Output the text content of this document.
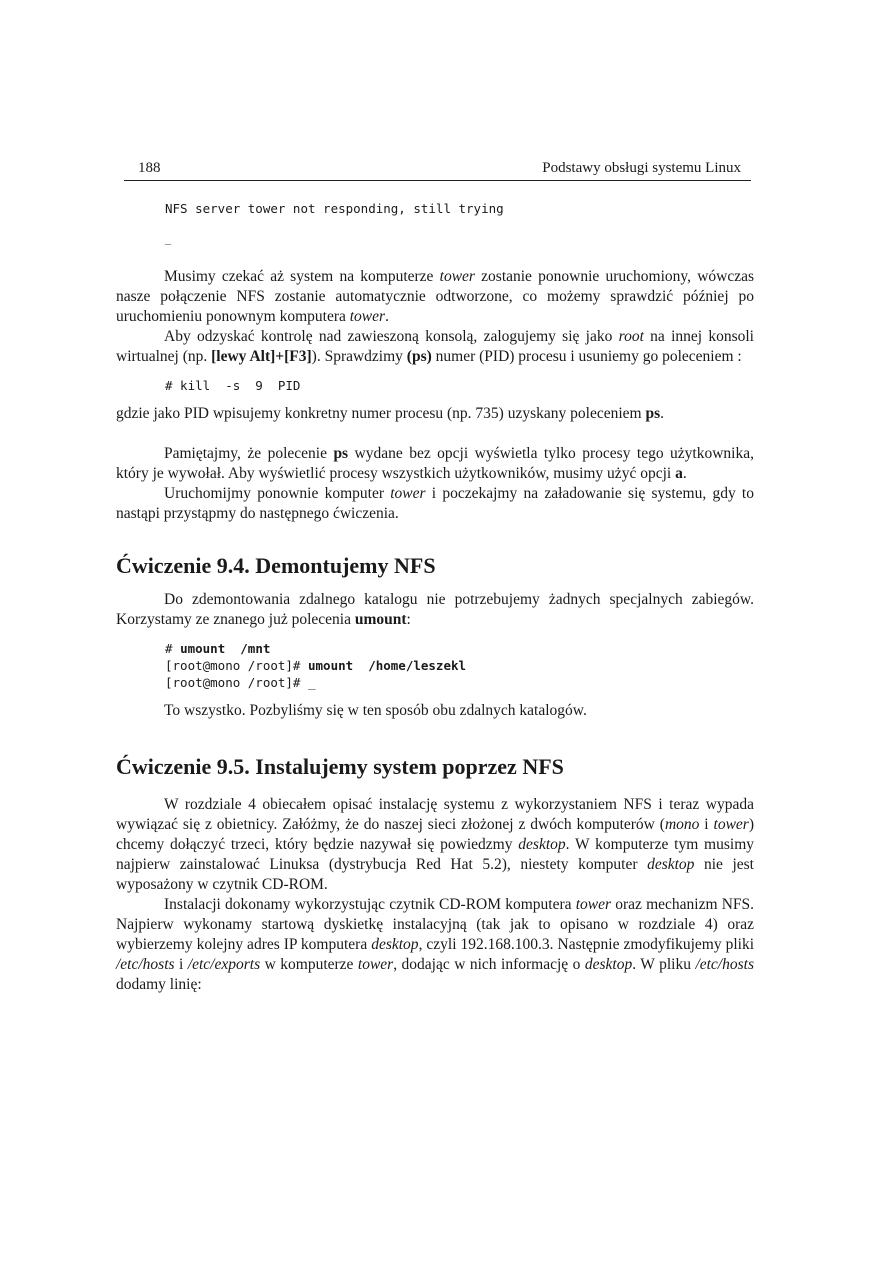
188	Podstawy obsługi systemu Linux
NFS server tower not responding, still trying
_

Musimy czekać aż system na komputerze tower zostanie ponownie uruchomiony, wówczas nasze połączenie NFS zostanie automatycznie odtworzone, co możemy sprawdzić później po uruchomieniu ponownym komputera tower.

Aby odzyskać kontrolę nad zawieszoną konsolą, zalogujemy się jako root na innej konsoli wirtualnej (np. [lewy Alt]+[F3]). Sprawdzimy (ps) numer (PID) procesu i usuniemy go poleceniem :

# kill  -s  9  PID

gdzie jako PID wpisujemy konkretny numer procesu (np. 735) uzyskany poleceniem ps.

Pamiętajmy, że polecenie ps wydane bez opcji wyświetla tylko procesy tego użytkownika, który je wywołał. Aby wyświetlić procesy wszystkich użytkowników, musimy użyć opcji a.

Uruchomijmy ponownie komputer tower i poczekajmy na załadowanie się systemu, gdy to nastąpi przystąpmy do następnego ćwiczenia.

Ćwiczenie 9.4. Demontujemy NFS

Do zdemontowania zdalnego katalogu nie potrzebujemy żadnych specjalnych zabiegów. Korzystamy ze znanego już polecenia umount:

# umount  /mnt
[root@mono /root]# umount  /home/leszekl
[root@mono /root]# _

To wszystko. Pozbyliśmy się w ten sposób obu zdalnych katalogów.

Ćwiczenie 9.5. Instalujemy system poprzez NFS

W rozdziale 4 obiecałem opisać instalację systemu z wykorzystaniem NFS i teraz wypada wywiązać się z obietnicy. Załóżmy, że do naszej sieci złożonej z dwóch komputerów (mono i tower) chcemy dołączyć trzeci, który będzie nazywał się powiedzmy desktop. W komputerze tym musimy najpierw zainstalować Linuksa (dystrybucja Red Hat 5.2), niestety komputer desktop nie jest wyposażony w czytnik CD-ROM.

Instalacji dokonamy wykorzystując czytnik CD-ROM komputera tower oraz mechanizm NFS. Najpierw wykonamy startową dyskietkę instalacyjną (tak jak to opisano w rozdziale 4) oraz wybierzemy kolejny adres IP komputera desktop, czyli 192.168.100.3. Następnie zmodyfikujemy pliki /etc/hosts i /etc/exports w komputerze tower, dodając w nich informację o desktop. W pliku /etc/hosts dodamy linię:
